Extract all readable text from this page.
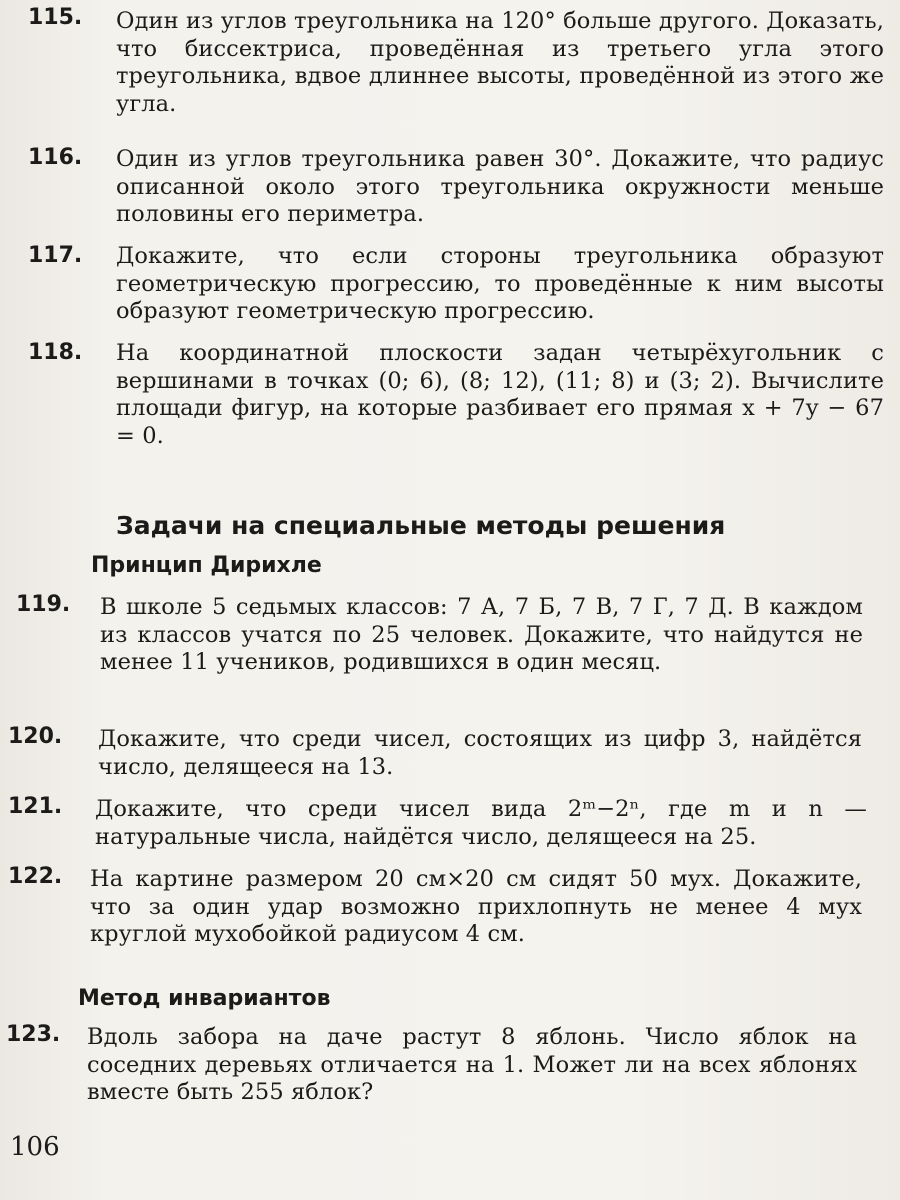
115. Один из углов треугольника на 120° больше другого. Доказать, что биссектриса, проведённая из третьего угла этого треугольника, вдвое длиннее высоты, проведённой из этого же угла.
116. Один из углов треугольника равен 30°. Докажите, что радиус описанной около этого треугольника окружности меньше половины его периметра.
117. Докажите, что если стороны треугольника образуют геометрическую прогрессию, то проведённые к ним высоты образуют геометрическую прогрессию.
118. На координатной плоскости задан четырёхугольник с вершинами в точках (0; 6), (8; 12), (11; 8) и (3; 2). Вычислите площади фигур, на которые разбивает его прямая x + 7y − 67 = 0.
Задачи на специальные методы решения
Принцип Дирихле
119. В школе 5 седьмых классов: 7 А, 7 Б, 7 В, 7 Г, 7 Д. В каждом из классов учатся по 25 человек. Докажите, что найдутся не менее 11 учеников, родившихся в один месяц.
120. Докажите, что среди чисел, состоящих из цифр 3, найдётся число, делящееся на 13.
121. Докажите, что среди чисел вида 2ᵐ−2ⁿ, где m и n — натуральные числа, найдётся число, делящееся на 25.
122. На картине размером 20 см×20 см сидят 50 мух. Докажите, что за один удар возможно прихлопнуть не менее 4 мух круглой мухобойкой радиусом 4 см.
Метод инвариантов
123. Вдоль забора на даче растут 8 яблонь. Число яблок на соседних деревьях отличается на 1. Может ли на всех яблонях вместе быть 255 яблок?
106
